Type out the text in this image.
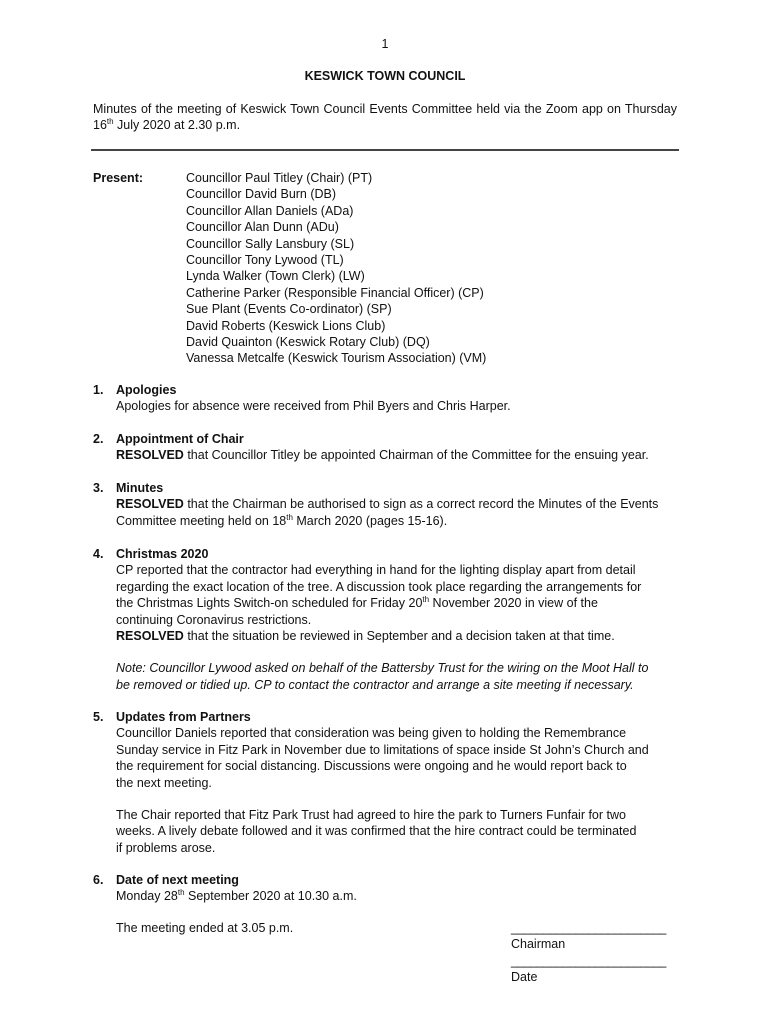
1
KESWICK TOWN COUNCIL
Minutes of the meeting of Keswick Town Council Events Committee held via the Zoom app on Thursday 16th July 2020 at 2.30 p.m.
Present:	Councillor Paul Titley (Chair) (PT)
Councillor David Burn (DB)
Councillor Allan Daniels (ADa)
Councillor Alan Dunn (ADu)
Councillor Sally Lansbury (SL)
Councillor Tony Lywood (TL)
Lynda Walker (Town Clerk) (LW)
Catherine Parker (Responsible Financial Officer) (CP)
Sue Plant (Events Co-ordinator) (SP)
David Roberts (Keswick Lions Club)
David Quainton (Keswick Rotary Club) (DQ)
Vanessa Metcalfe (Keswick Tourism Association) (VM)
1. Apologies
Apologies for absence were received from Phil Byers and Chris Harper.
2. Appointment of Chair
RESOLVED that Councillor Titley be appointed Chairman of the Committee for the ensuing year.
3. Minutes
RESOLVED that the Chairman be authorised to sign as a correct record the Minutes of the Events Committee meeting held on 18th March 2020 (pages 15-16).
4. Christmas 2020
CP reported that the contractor had everything in hand for the lighting display apart from detail
regarding the exact location of the tree. A discussion took place regarding the arrangements for
the Christmas Lights Switch-on scheduled for Friday 20th November 2020 in view of the
continuing Coronavirus restrictions.
RESOLVED that the situation be reviewed in September and a decision taken at that time.
Note: Councillor Lywood asked on behalf of the Battersby Trust for the wiring on the Moot Hall to
be removed or tidied up. CP to contact the contractor and arrange a site meeting if necessary.
5. Updates from Partners
Councillor Daniels reported that consideration was being given to holding the Remembrance
Sunday service in Fitz Park in November due to limitations of space inside St John’s Church and
the requirement for social distancing. Discussions were ongoing and he would report back to
the next meeting.
The Chair reported that Fitz Park Trust had agreed to hire the park to Turners Funfair for two
weeks. A lively debate followed and it was confirmed that the hire contract could be terminated
if problems arose.
6. Date of next meeting
Monday 28th September 2020 at 10.30 a.m.
The meeting ended at 3.05 p.m.	________________________
Chairman
________________________
Date
